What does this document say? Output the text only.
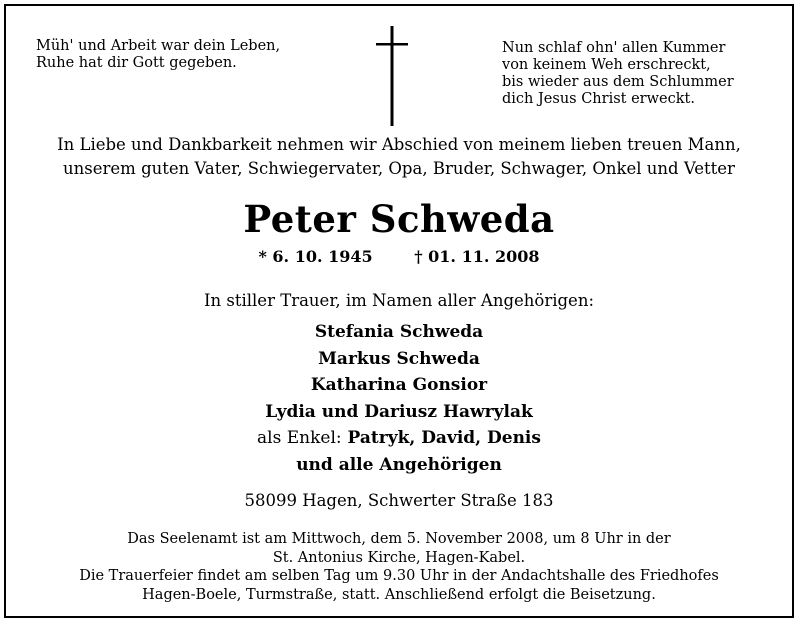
Müh' und Arbeit war dein Leben,
Ruhe hat dir Gott gegeben.
Nun schlaf ohn' allen Kummer
von keinem Weh erschreckt,
bis wieder aus dem Schlummer
dich Jesus Christ erweckt.
In Liebe und Dankbarkeit nehmen wir Abschied von meinem lieben treuen Mann,
unserem guten Vater, Schwiegervater, Opa, Bruder, Schwager, Onkel und Vetter
Peter Schweda
* 6. 10. 1945	† 01. 11. 2008
In stiller Trauer, im Namen aller Angehörigen:
Stefania Schweda
Markus Schweda
Katharina Gonsior
Lydia und Dariusz Hawrylak
als Enkel: Patryk, David, Denis
und alle Angehörigen
58099 Hagen, Schwerter Straße 183
Das Seelenamt ist am Mittwoch, dem 5. November 2008, um 8 Uhr in der
St. Antonius Kirche, Hagen-Kabel.
Die Trauerfeier findet am selben Tag um 9.30 Uhr in der Andachtshalle des Friedhofes
Hagen-Boele, Turmstraße, statt. Anschließend erfolgt die Beisetzung.
